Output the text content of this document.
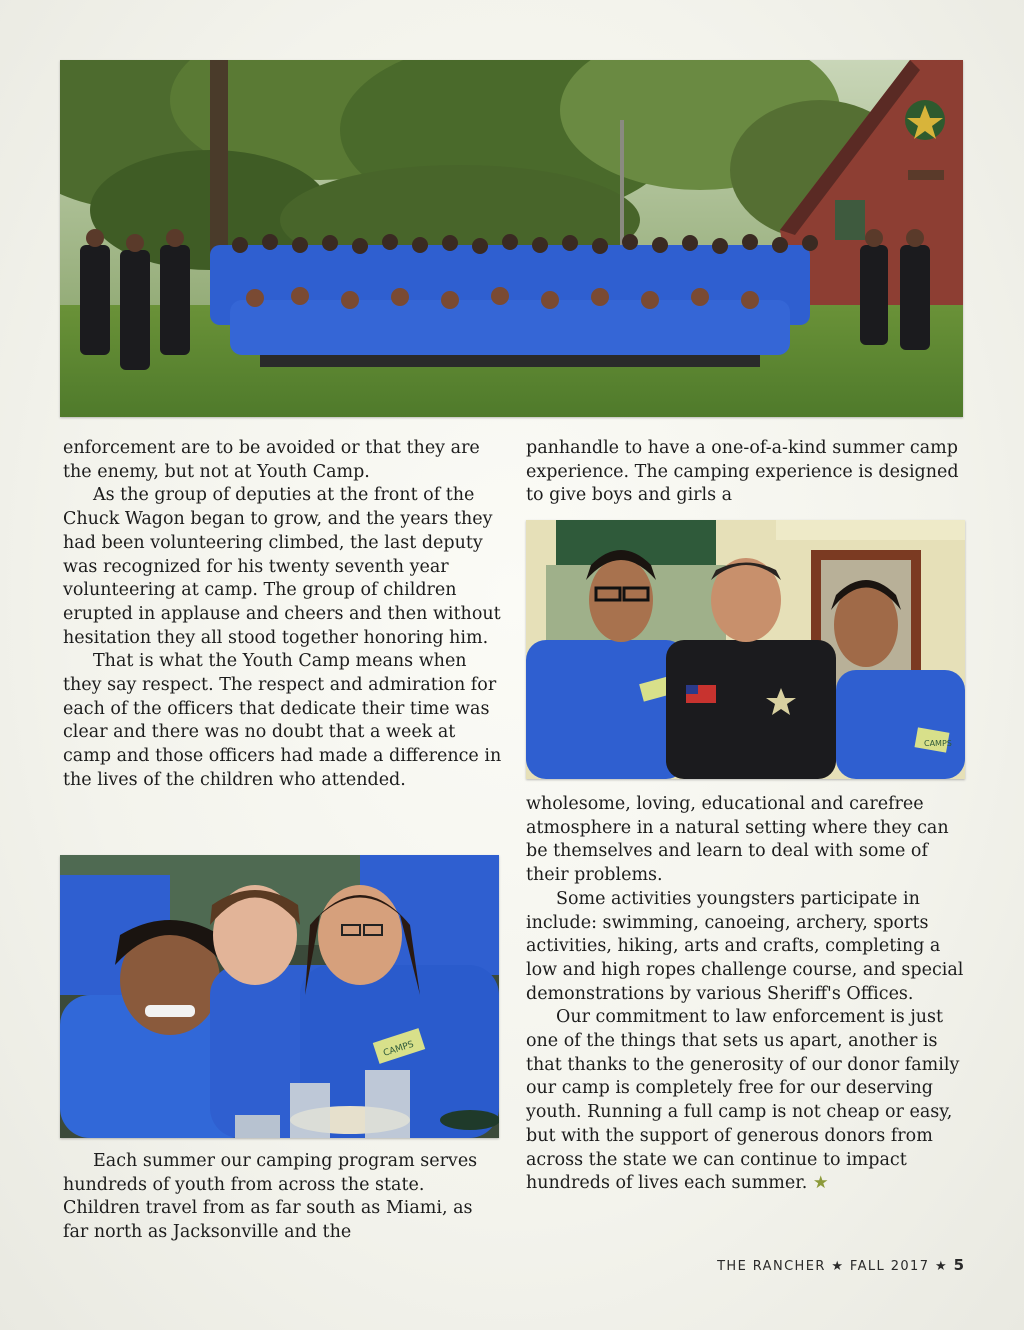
CAMPS
CAMPS

enforcement are to be avoided or that they are the enemy, but not at Youth Camp.

As the group of deputies at the front of the Chuck Wagon began to grow, and the years they had been volunteering climbed, the last deputy was recognized for his twenty seventh year volunteering at camp. The group of children erupted in applause and cheers and then without hesitation they all stood together honoring him.

That is what the Youth Camp means when they say respect. The respect and admiration for each of the officers that dedicate their time was clear and there was no doubt that a week at camp and those officers had made a difference in the lives of the children who attended.

Each summer our camping program serves hundreds of youth from across the state. Children travel from as far south as Miami, as far north as Jacksonville and the

panhandle to have a one-of-a-kind summer camp experience. The camping experience is designed to give boys and girls a

wholesome, loving, educational and carefree atmosphere in a natural setting where they can be themselves and learn to deal with some of their problems.

Some activities youngsters participate in include: swimming, canoeing, archery, sports activities, hiking, arts and crafts, completing a low and high ropes challenge course, and special demonstrations by various Sheriff's Offices.

Our commitment to law enforcement is just one of the things that sets us apart, another is that thanks to the generosity of our donor family our camp is completely free for our deserving youth. Running a full camp is not cheap or easy, but with the support of generous donors from across the state we can continue to impact hundreds of lives each summer. ★

THE RANCHER ★ FALL 2017 ★ 5
